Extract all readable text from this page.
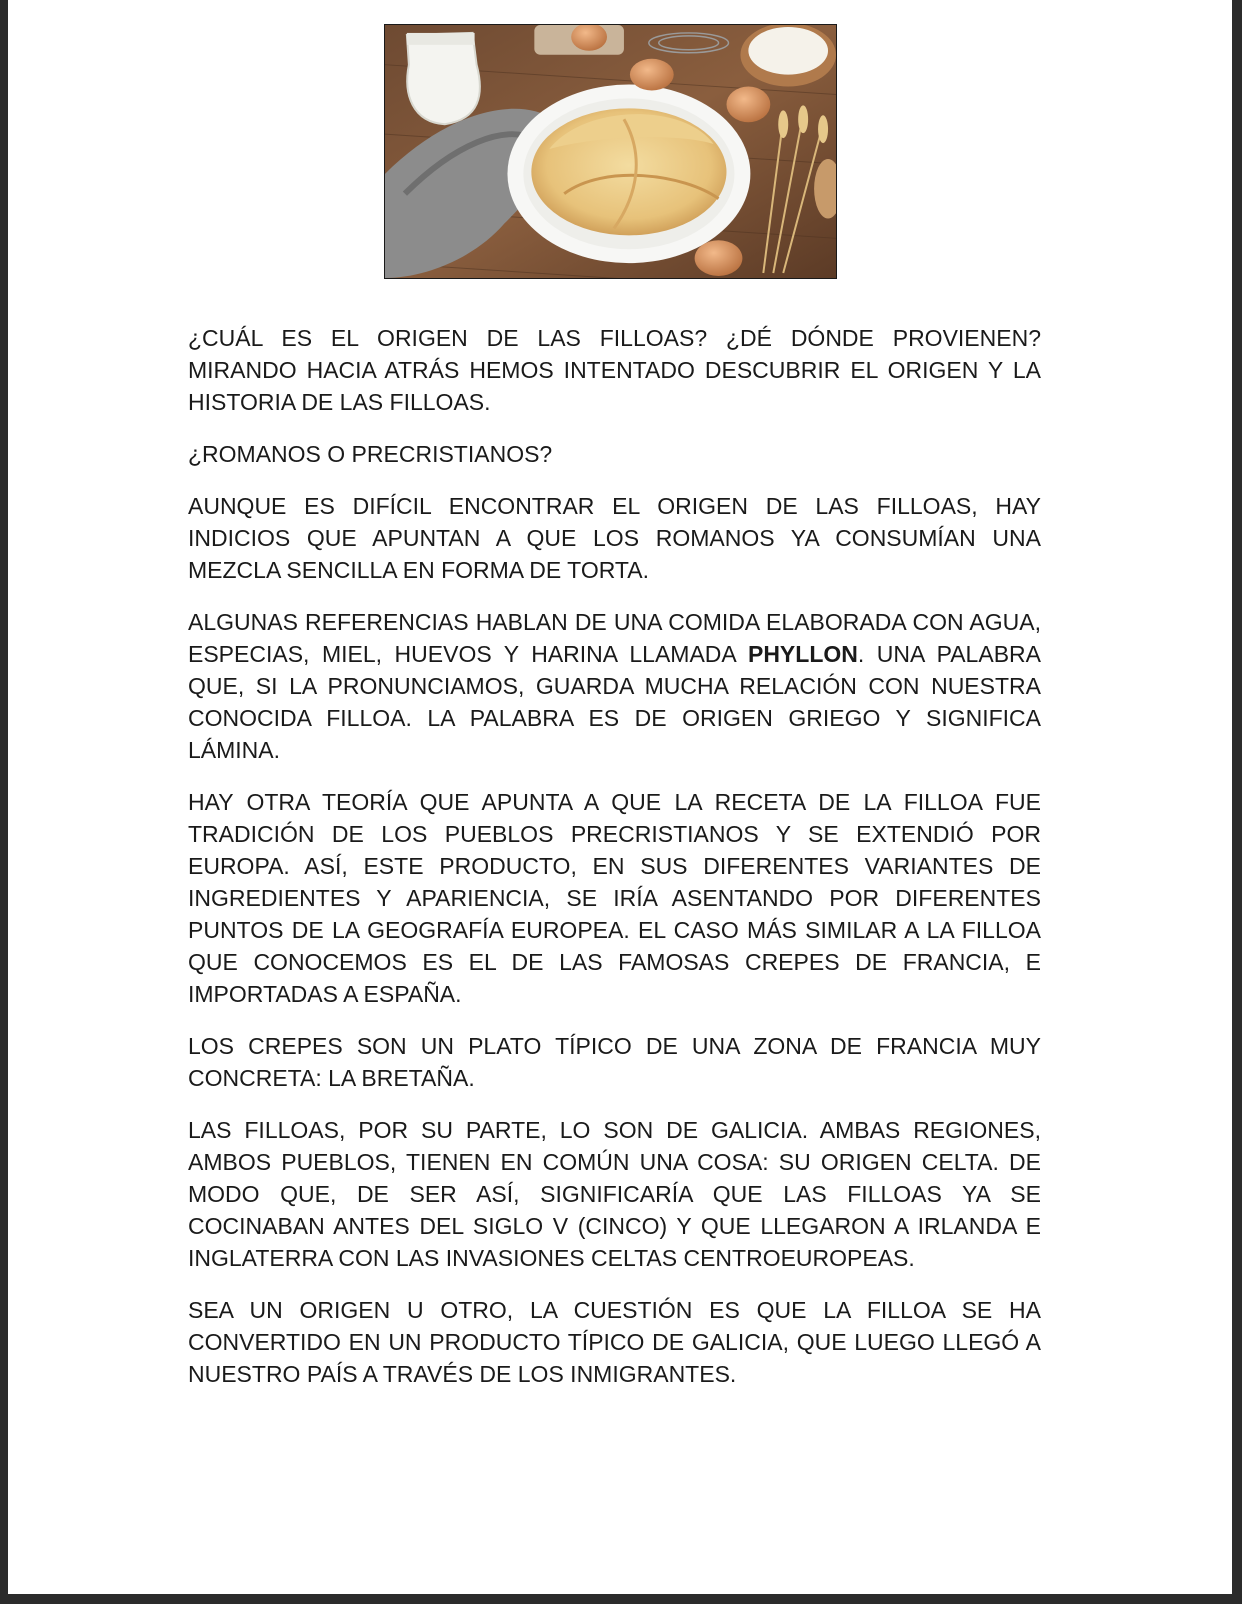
¿CUÁL ES EL ORIGEN DE LAS FILLOAS? ¿DÉ DÓNDE PROVIENEN? MIRANDO HACIA ATRÁS HEMOS INTENTADO DESCUBRIR EL ORIGEN Y LA HISTORIA DE LAS FILLOAS.

¿ROMANOS O PRECRISTIANOS?

AUNQUE ES DIFÍCIL ENCONTRAR EL ORIGEN DE LAS FILLOAS, HAY INDICIOS QUE APUNTAN A QUE LOS ROMANOS YA CONSUMÍAN UNA MEZCLA SENCILLA EN FORMA DE TORTA.

ALGUNAS REFERENCIAS HABLAN DE UNA COMIDA ELABORADA CON AGUA, ESPECIAS, MIEL, HUEVOS Y HARINA LLAMADA PHYLLON. UNA PALABRA QUE, SI LA PRONUNCIAMOS, GUARDA MUCHA RELACIÓN CON NUESTRA CONOCIDA FILLOA. LA PALABRA ES DE ORIGEN GRIEGO Y SIGNIFICA LÁMINA.

HAY OTRA TEORÍA QUE APUNTA A QUE LA RECETA DE LA FILLOA FUE TRADICIÓN DE LOS PUEBLOS PRECRISTIANOS Y SE EXTENDIÓ POR EUROPA. ASÍ, ESTE PRODUCTO, EN SUS DIFERENTES VARIANTES DE INGREDIENTES Y APARIENCIA, SE IRÍA ASENTANDO POR DIFERENTES PUNTOS DE LA GEOGRAFÍA EUROPEA. EL CASO MÁS SIMILAR A LA FILLOA QUE CONOCEMOS ES EL DE LAS FAMOSAS CREPES DE FRANCIA, E IMPORTADAS A ESPAÑA.

LOS CREPES SON UN PLATO TÍPICO DE UNA ZONA DE FRANCIA MUY CONCRETA: LA BRETAÑA.

LAS FILLOAS, POR SU PARTE, LO SON DE GALICIA. AMBAS REGIONES, AMBOS PUEBLOS, TIENEN EN COMÚN UNA COSA: SU ORIGEN CELTA. DE MODO QUE, DE SER ASÍ, SIGNIFICARÍA QUE LAS FILLOAS YA SE COCINABAN ANTES DEL SIGLO V (CINCO) Y QUE LLEGARON A IRLANDA E INGLATERRA CON LAS INVASIONES CELTAS CENTROEUROPEAS.

SEA UN ORIGEN U OTRO, LA CUESTIÓN ES QUE LA FILLOA SE HA CONVERTIDO EN UN PRODUCTO TÍPICO DE GALICIA, QUE LUEGO LLEGÓ A NUESTRO PAÍS A TRAVÉS DE LOS INMIGRANTES.
